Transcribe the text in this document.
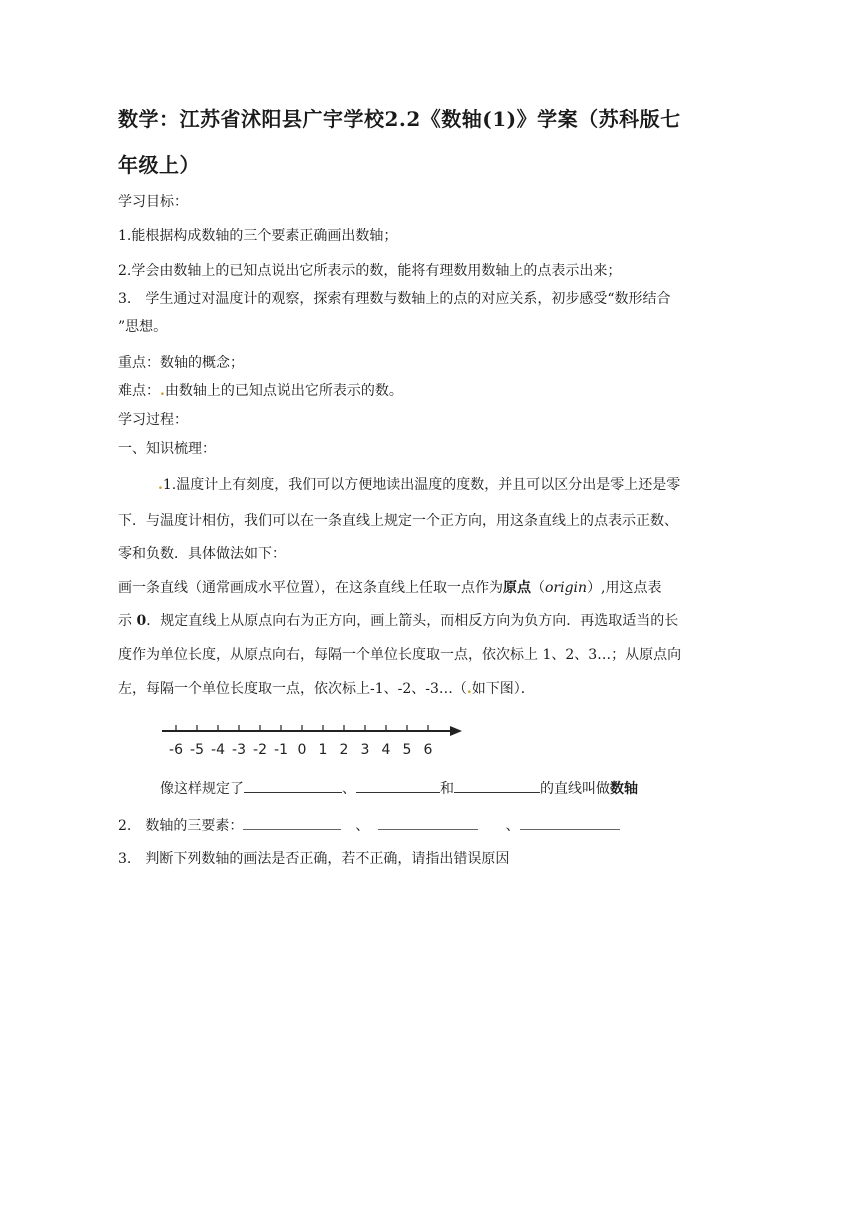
数学：江苏省沭阳县广宇学校2.2《数轴(1)》学案（苏科版七
年级上）
学习目标：
1.能根据构成数轴的三个要素正确画出数轴；
2.学会由数轴上的已知点说出它所表示的数，能将有理数用数轴上的点表示出来；
3.　学生通过对温度计的观察，探索有理数与数轴上的点的对应关系，初步感受“数形结合
”思想。
重点：数轴的概念；
难点：.由数轴上的已知点说出它所表示的数。
学习过程：
一、知识梳理：
.1.温度计上有刻度，我们可以方便地读出温度的度数，并且可以区分出是零上还是零
下．与温度计相仿，我们可以在一条直线上规定一个正方向，用这条直线上的点表示正数、
零和负数．具体做法如下：
画一条直线（通常画成水平位置），在这条直线上任取一点作为原点（origin）,用这点表
示 0．规定直线上从原点向右为正方向，画上箭头，而相反方向为负方向．再选取适当的长
度作为单位长度，从原点向右，每隔一个单位长度取一点，依次标上 1、2、3…；从原点向
左，每隔一个单位长度取一点，依次标上-1、-2、-3…（.如下图）．
-6 -5 -4 -3 -2 -1 0 1 2 3 4 5 6
像这样规定了	、	和	的直线叫做数轴
2.　数轴的三要素：	　、	　、
3.　判断下列数轴的画法是否正确，若不正确，请指出错误原因
